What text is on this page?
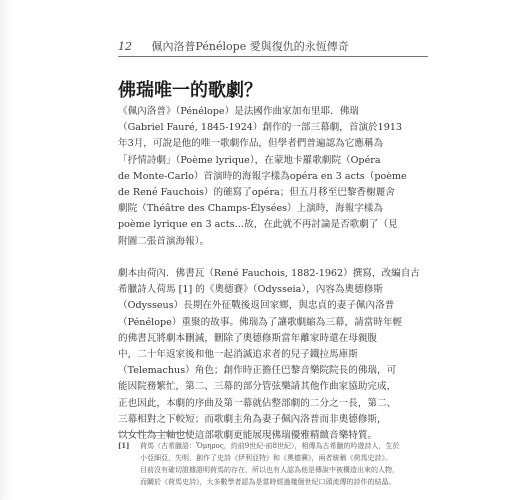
12 佩內洛普Pénélope 愛與復仇的永恆傳奇
佛瑞唯一的歌劇？
《佩內洛普》（Pénélope）是法國作曲家加布里耶．佛瑞
（Gabriel Fauré, 1845-1924）創作的一部三幕劇，首演於1913
年3月，可說是他的唯一歌劇作品，但學者們普遍認為它應稱為
「抒情詩劇」（Poème lyrique），在蒙地卡羅歌劇院（Opéra
de Monte-Carlo）首演時的海報字樣為opéra en 3 acts（poème
de René Fauchois）的確寫了opéra；但五月移至巴黎香榭麗舍
劇院（Théâtre des Champs-Élysées）上演時，海報字樣為
poème lyrique en 3 acts…故，在此就不再討論是否歌劇了（見
附圖二張首演海報）。
劇本由荷內．佛書瓦（René Fauchois, 1882-1962）撰寫，改編自古
希臘詩人荷馬 [1] 的《奧德賽》（Odysseia），內容為奧德修斯
（Odysseus）長期在外征戰後返回家鄉，與忠貞的妻子佩內洛普
（Pénélope）重聚的故事。佛瑞為了讓歌劇縮為三幕，請當時年輕
的佛書瓦將劇本刪減，刪除了奧德修斯當年離家時還在母親腹
中，二十年返家後和他一起消滅追求者的兒子鐵拉馬庫斯
（Telemachus）角色；創作時正擔任巴黎音樂院院長的佛瑞，可
能因院務繁忙，第二、三幕的部分管弦樂請其他作曲家協助完成，
正也因此，本劇的序曲及第一幕就佔整部劇的二分之一長，第二、
三幕相對之下較短；而歌劇主角為妻子佩內洛普而非奧德修斯，
以女性為主軸也使這部歌劇更能展現佛瑞優雅精緻音樂特質。
[1] 荷馬（古希臘語：Ὅμηρος，約前9世紀-前8世紀），相傳為古希臘的吟遊詩人，生於
小亞細亞，失明，創作了史詩《伊利亞特》和《奧德賽》，兩者統稱《荷馬史詩》。
目前沒有確切證據證明荷馬的存在，所以也有人認為他是傳說中被構造出來的人物，
而關於《荷馬史詩》，大多數學者認為是當時經過幾個世紀口頭流傳的詩作的結晶。
